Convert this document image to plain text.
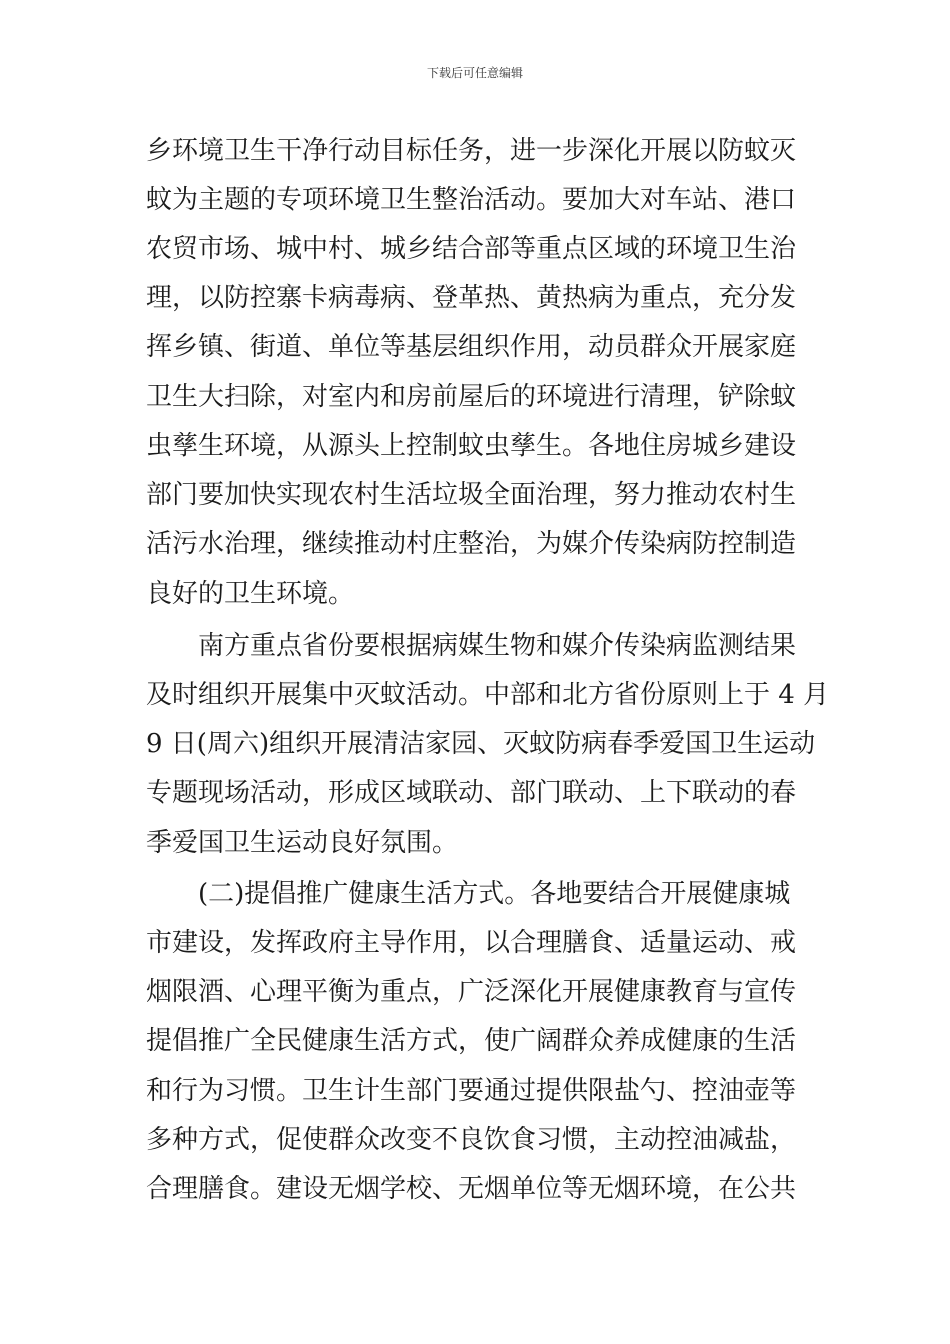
下载后可任意编辑
乡环境卫生干净行动目标任务，进一步深化开展以防蚊灭
蚊为主题的专项环境卫生整治活动。要加大对车站、港口
农贸市场、城中村、城乡结合部等重点区域的环境卫生治
理，以防控寨卡病毒病、登革热、黄热病为重点，充分发
挥乡镇、街道、单位等基层组织作用，动员群众开展家庭
卫生大扫除，对室内和房前屋后的环境进行清理，铲除蚊
虫孳生环境，从源头上控制蚊虫孳生。各地住房城乡建设
部门要加快实现农村生活垃圾全面治理，努力推动农村生
活污水治理，继续推动村庄整治，为媒介传染病防控制造
良好的卫生环境。
南方重点省份要根据病媒生物和媒介传染病监测结果
及时组织开展集中灭蚊活动。中部和北方省份原则上于 4 月
9 日(周六)组织开展清洁家园、灭蚊防病春季爱国卫生运动
专题现场活动，形成区域联动、部门联动、上下联动的春
季爱国卫生运动良好氛围。
(二)提倡推广健康生活方式。各地要结合开展健康城
市建设，发挥政府主导作用，以合理膳食、适量运动、戒
烟限酒、心理平衡为重点，广泛深化开展健康教育与宣传
提倡推广全民健康生活方式，使广阔群众养成健康的生活
和行为习惯。卫生计生部门要通过提供限盐勺、控油壶等
多种方式，促使群众改变不良饮食习惯，主动控油减盐，
合理膳食。建设无烟学校、无烟单位等无烟环境，在公共
